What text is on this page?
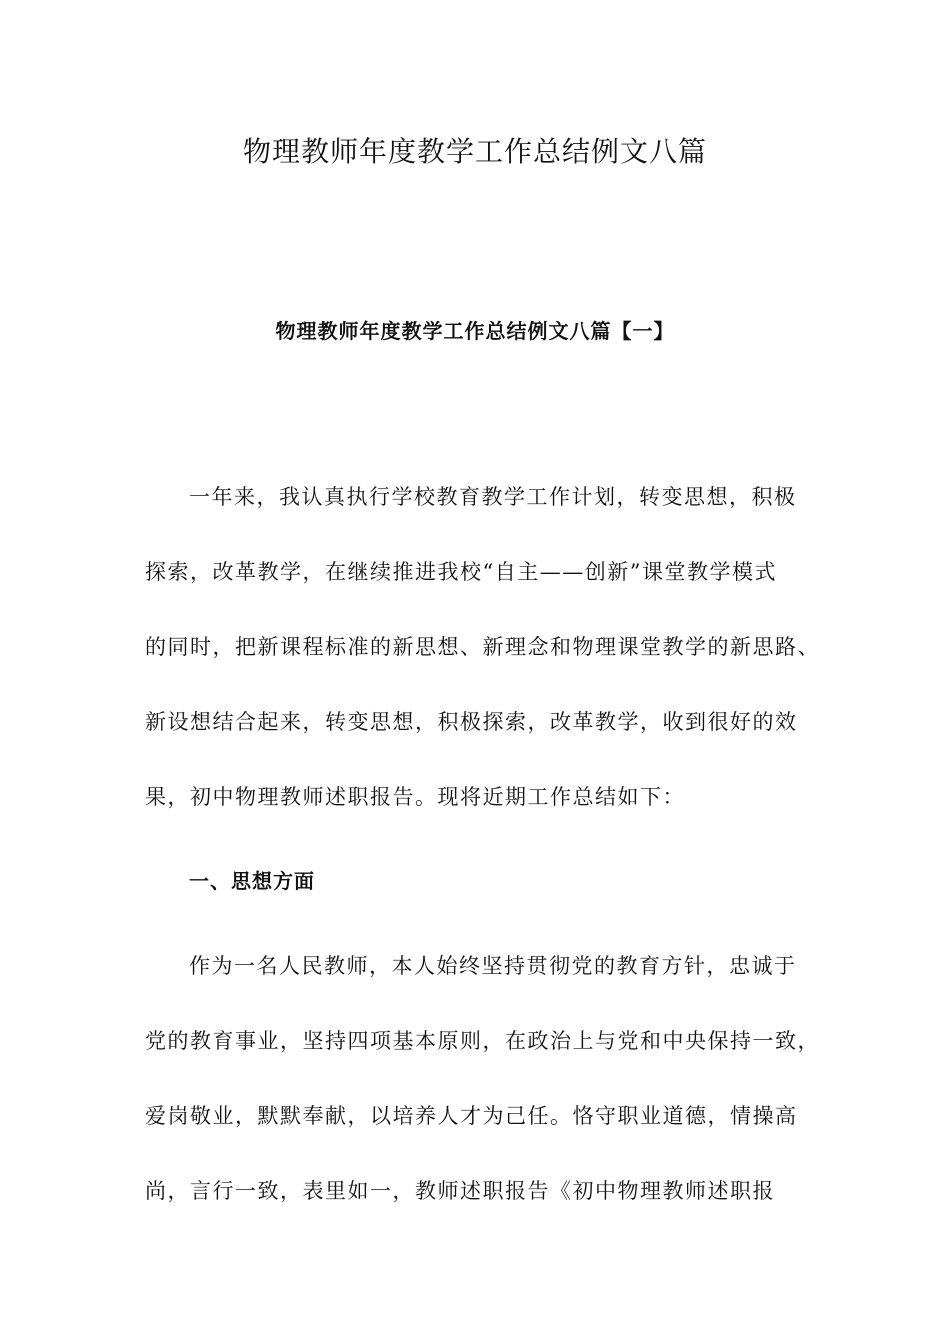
物理教师年度教学工作总结例文八篇
物理教师年度教学工作总结例文八篇【一】
一年来，我认真执行学校教育教学工作计划，转变思想，积极
探索，改革教学，在继续推进我校“自主——创新”课堂教学模式
的同时，把新课程标准的新思想、新理念和物理课堂教学的新思路、
新设想结合起来，转变思想，积极探索，改革教学，收到很好的效
果，初中物理教师述职报告。现将近期工作总结如下：
一、思想方面
作为一名人民教师，本人始终坚持贯彻党的教育方针，忠诚于
党的教育事业，坚持四项基本原则，在政治上与党和中央保持一致，
爱岗敬业，默默奉献，以培养人才为己任。恪守职业道德，情操高
尚，言行一致，表里如一，教师述职报告《初中物理教师述职报
